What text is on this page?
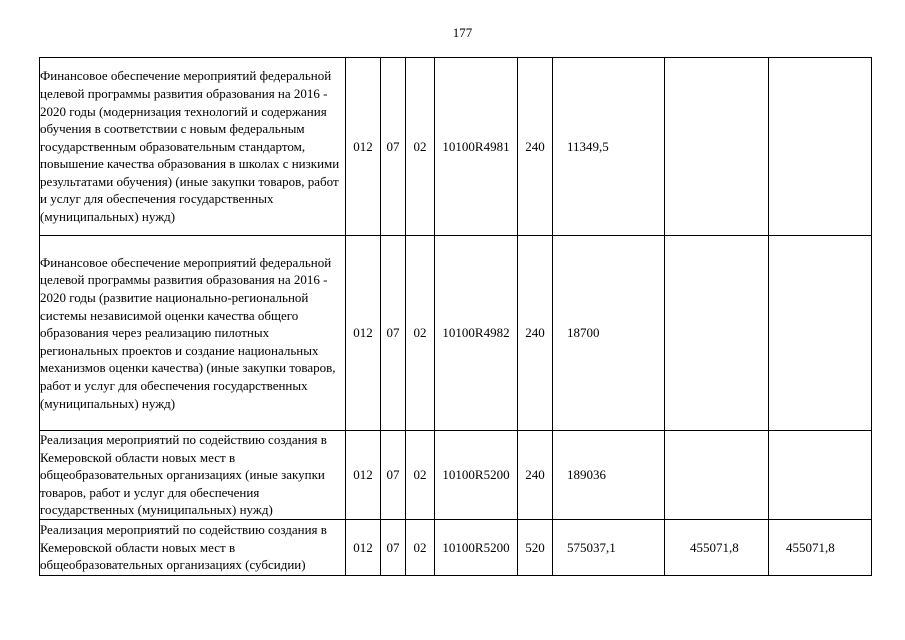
177
Финансовое обеспечение мероприятий федеральной целевой программы развития образования на 2016 - 2020 годы (модернизация технологий и содержания обучения в соответствии с новым федеральным государственным образовательным стандартом, повышение качества образования в школах с низкими результатами обучения) (иные закупки товаров, работ и услуг для обеспечения государственных (муниципальных) нужд)	012	07	02	10100R4981	240	11349,5		
Финансовое обеспечение мероприятий федеральной целевой программы развития образования на 2016 - 2020 годы (развитие национально-региональной системы независимой оценки качества общего образования через реализацию пилотных региональных проектов и создание национальных механизмов оценки качества) (иные закупки товаров, работ и услуг для обеспечения государственных (муниципальных) нужд)	012	07	02	10100R4982	240	18700		
Реализация мероприятий по содействию создания в Кемеровской области новых мест в общеобразовательных организациях (иные закупки товаров, работ и услуг для обеспечения государственных (муниципальных) нужд)	012	07	02	10100R5200	240	189036		
Реализация мероприятий по содействию создания в Кемеровской области новых мест в общеобразовательных организациях (субсидии)	012	07	02	10100R5200	520	575037,1	455071,8	455071,8
